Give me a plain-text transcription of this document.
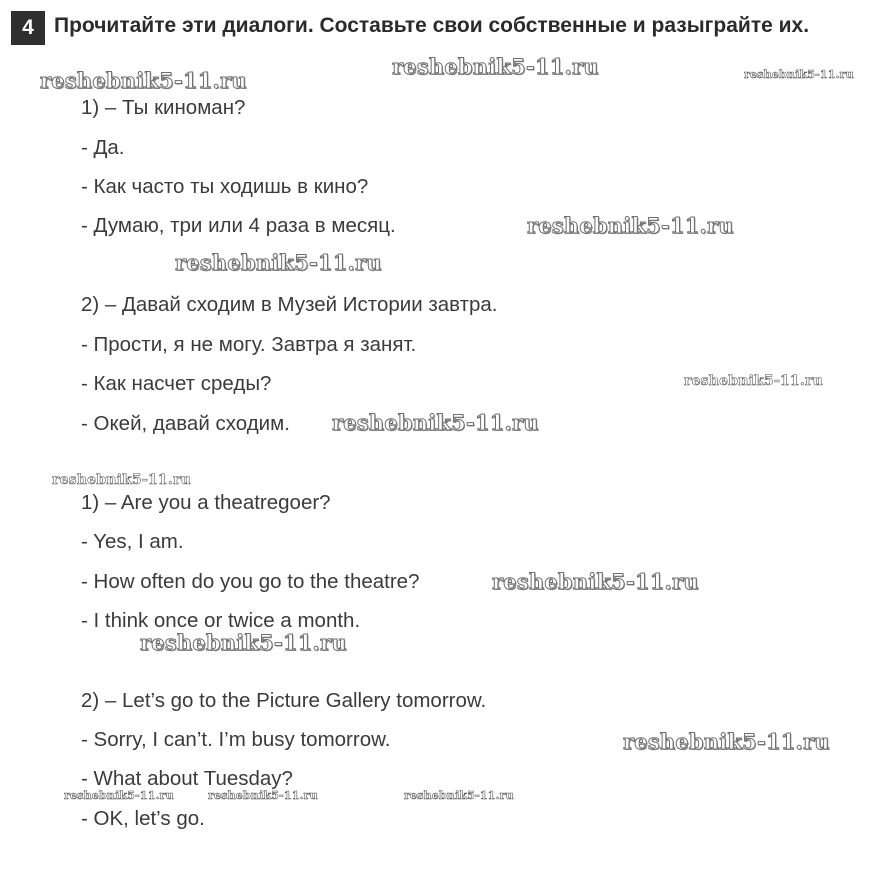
4 Прочитайте эти диалоги. Составьте свои собственные и разыграйте их.
1) – Ты киноман?
- Да.
- Как часто ты ходишь в кино?
- Думаю, три или 4 раза в месяц.
2) – Давай сходим в Музей Истории завтра.
- Прости, я не могу. Завтра я занят.
- Как насчет среды?
- Окей, давай сходим.
1) – Are you a theatregoer?
- Yes, I am.
- How often do you go to the theatre?
- I think once or twice a month.
2) – Let’s go to the Picture Gallery tomorrow.
- Sorry, I can’t. I’m busy tomorrow.
- What about Tuesday?
- OK, let’s go.
reshebnik5-11.ru
reshebnik5-11.ru	reshebnik5-11.ru
reshebnik5-11.ru
reshebnik5-11.ru
reshebnik5-11.ru
reshebnik5-11.ru
reshebnik5-11.ru
reshebnik5-11.ru
reshebnik5-11.ru
reshebnik5-11.ru
reshebnik5-11.ru	reshebnik5-11.ru	reshebnik5-11.ru
